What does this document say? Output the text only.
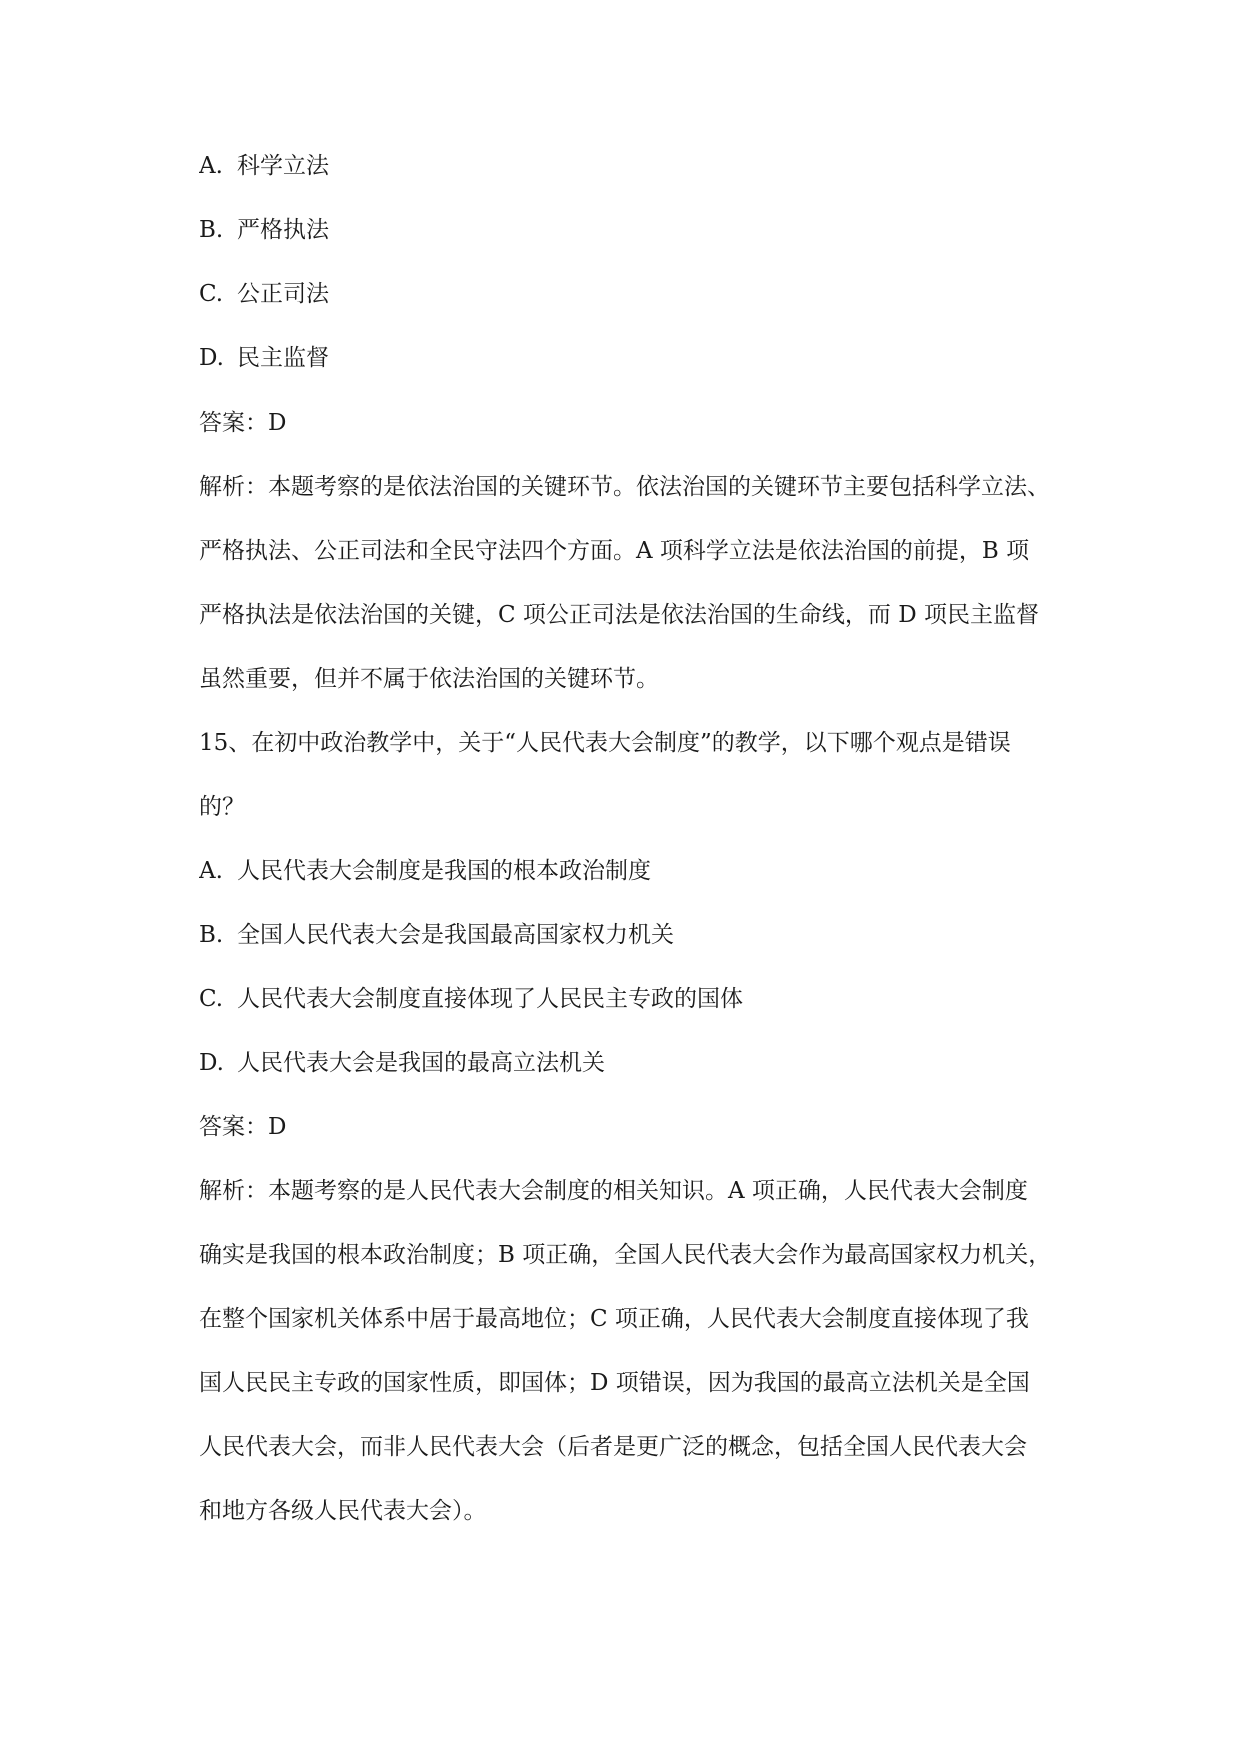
A. 科学立法
B. 严格执法
C. 公正司法
D. 民主监督
答案：D
解析：本题考察的是依法治国的关键环节。依法治国的关键环节主要包括科学立法、
严格执法、公正司法和全民守法四个方面。A 项科学立法是依法治国的前提，B 项
严格执法是依法治国的关键，C 项公正司法是依法治国的生命线，而 D 项民主监督
虽然重要，但并不属于依法治国的关键环节。
15、在初中政治教学中，关于“人民代表大会制度”的教学，以下哪个观点是错误
的？
A. 人民代表大会制度是我国的根本政治制度
B. 全国人民代表大会是我国最高国家权力机关
C. 人民代表大会制度直接体现了人民民主专政的国体
D. 人民代表大会是我国的最高立法机关
答案：D
解析：本题考察的是人民代表大会制度的相关知识。A 项正确，人民代表大会制度
确实是我国的根本政治制度；B 项正确，全国人民代表大会作为最高国家权力机关，
在整个国家机关体系中居于最高地位；C 项正确，人民代表大会制度直接体现了我
国人民民主专政的国家性质，即国体；D 项错误，因为我国的最高立法机关是全国
人民代表大会，而非人民代表大会（后者是更广泛的概念，包括全国人民代表大会
和地方各级人民代表大会）。
